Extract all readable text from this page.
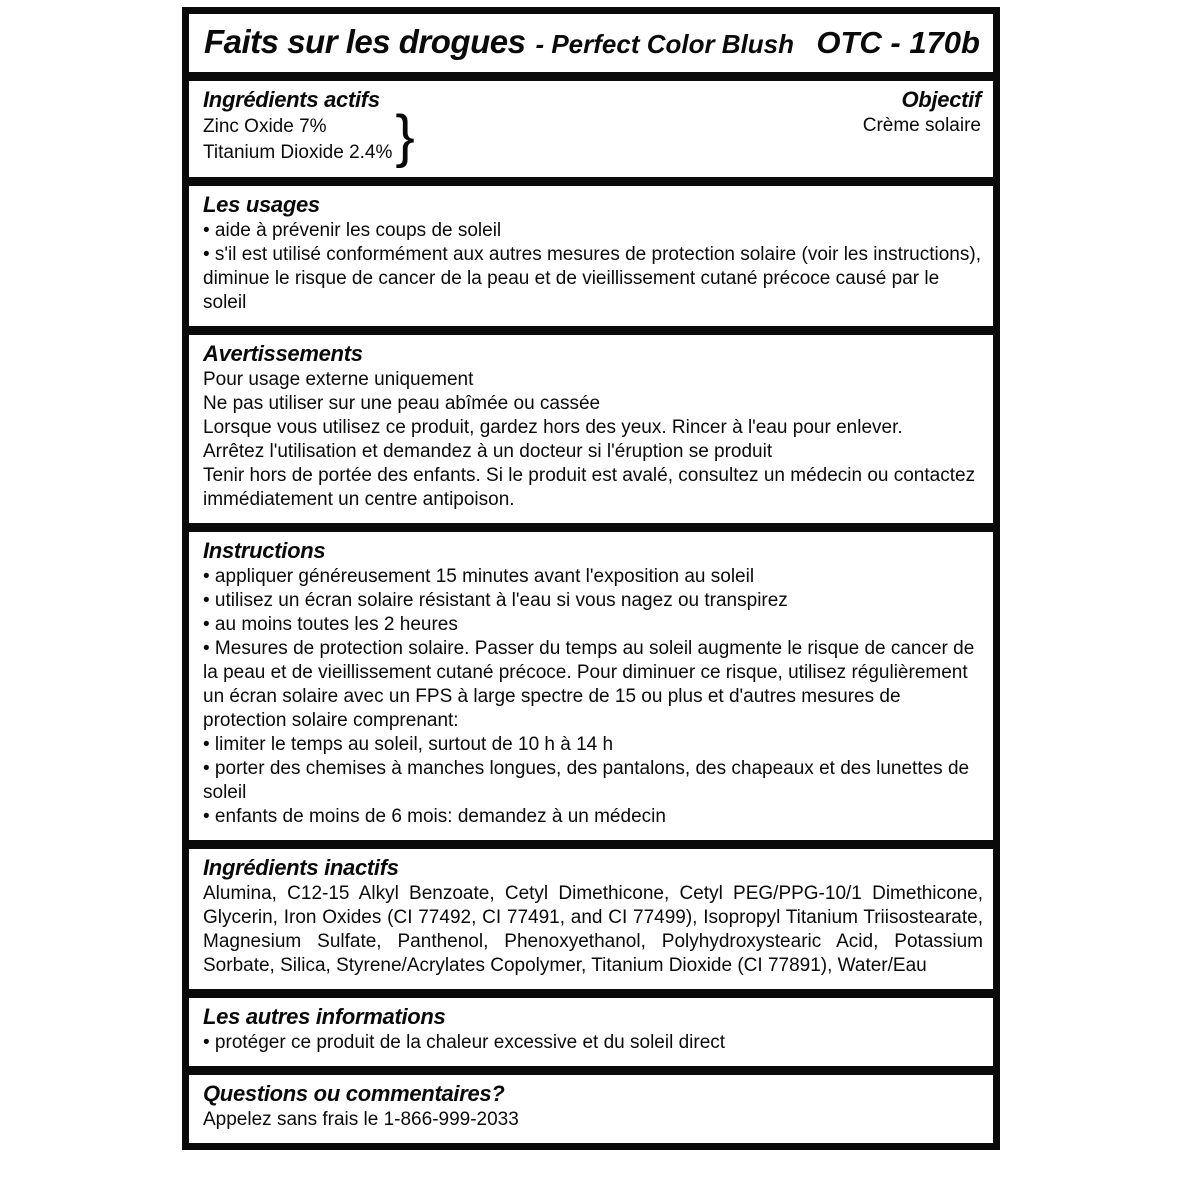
Faits sur les drogues - Perfect Color Blush OTC - 170b
Ingrédients actifs

Zinc Oxide 7%

Titanium Dioxide 2.4% }
Objectif

Crème solaire

Les usages

• aide à prévenir les coups de soleil

• s'il est utilisé conformément aux autres mesures de protection solaire (voir les instructions), diminue le risque de cancer de la peau et de vieillissement cutané précoce causé par le soleil

Avertissements

Pour usage externe uniquement

Ne pas utiliser sur une peau abîmée ou cassée

Lorsque vous utilisez ce produit, gardez hors des yeux. Rincer à l'eau pour enlever.

Arrêtez l'utilisation et demandez à un docteur si l'éruption se produit

Tenir hors de portée des enfants. Si le produit est avalé, consultez un médecin ou contactez immédiatement un centre antipoison.

Instructions

• appliquer généreusement 15 minutes avant l'exposition au soleil

• utilisez un écran solaire résistant à l'eau si vous nagez ou transpirez

• au moins toutes les 2 heures

• Mesures de protection solaire. Passer du temps au soleil augmente le risque de cancer de la peau et de vieillissement cutané précoce. Pour diminuer ce risque, utilisez régulièrement un écran solaire avec un FPS à large spectre de 15 ou plus et d'autres mesures de protection solaire comprenant:

• limiter le temps au soleil, surtout de 10 h à 14 h

• porter des chemises à manches longues, des pantalons, des chapeaux et des lunettes de soleil

• enfants de moins de 6 mois: demandez à un médecin

Ingrédients inactifs

Alumina, C12-15 Alkyl Benzoate, Cetyl Dimethicone, Cetyl PEG/PPG-10/1 Dimethicone, Glycerin, Iron Oxides (CI 77492, CI 77491, and CI 77499), Isopropyl Titanium Triisostearate, Magnesium Sulfate, Panthenol, Phenoxyethanol, Polyhydroxystearic Acid, Potassium Sorbate, Silica, Styrene/Acrylates Copolymer, Titanium Dioxide (CI 77891), Water/Eau

Les autres informations

• protéger ce produit de la chaleur excessive et du soleil direct

Questions ou commentaires?

Appelez sans frais le 1-866-999-2033
